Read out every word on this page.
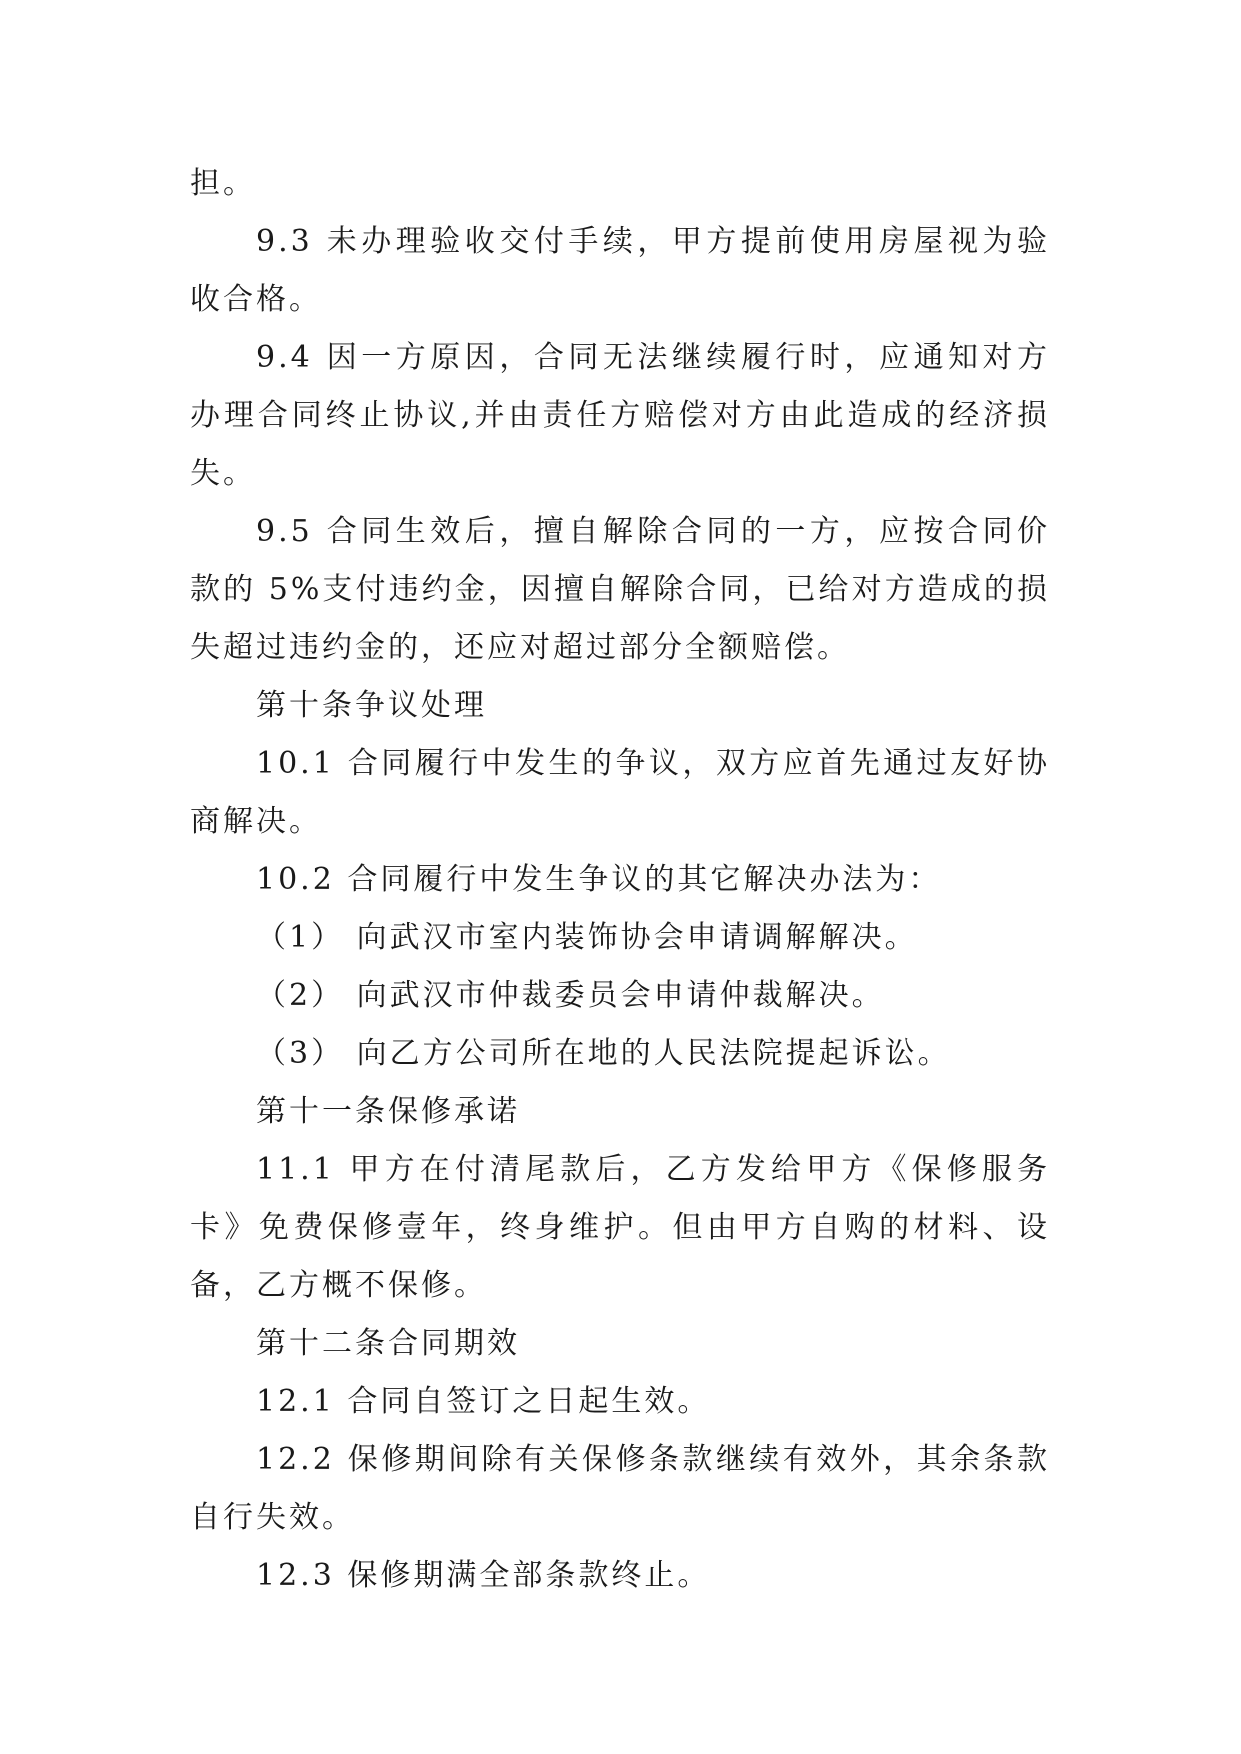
担。

9.3 未办理验收交付手续，甲方提前使用房屋视为验收合格。

9.4 因一方原因，合同无法继续履行时，应通知对方办理合同终止协议,并由责任方赔偿对方由此造成的经济损失。

9.5 合同生效后，擅自解除合同的一方，应按合同价款的 5%支付违约金，因擅自解除合同，已给对方造成的损失超过违约金的，还应对超过部分全额赔偿。

第十条争议处理

10.1 合同履行中发生的争议，双方应首先通过友好协商解决。

10.2 合同履行中发生争议的其它解决办法为：

（1） 向武汉市室内装饰协会申请调解解决。

（2） 向武汉市仲裁委员会申请仲裁解决。

（3） 向乙方公司所在地的人民法院提起诉讼。

第十一条保修承诺

11.1 甲方在付清尾款后，乙方发给甲方《保修服务卡》免费保修壹年，终身维护。但由甲方自购的材料、设备，乙方概不保修。

第十二条合同期效

12.1 合同自签订之日起生效。

12.2 保修期间除有关保修条款继续有效外，其余条款自行失效。

12.3 保修期满全部条款终止。
